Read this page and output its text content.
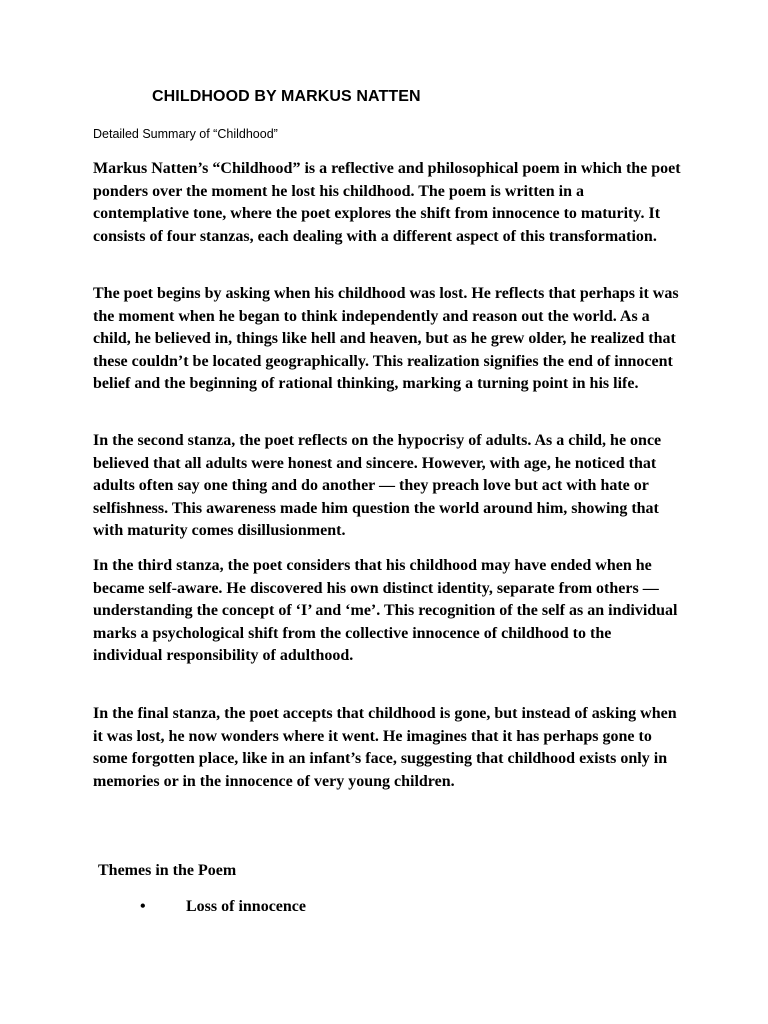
CHILDHOOD BY MARKUS NATTEN
Detailed Summary of “Childhood”

Markus Natten’s “Childhood” is a reflective and philosophical poem in which the poet ponders over the moment he lost his childhood. The poem is written in a contemplative tone, where the poet explores the shift from innocence to maturity. It consists of four stanzas, each dealing with a different aspect of this transformation.

The poet begins by asking when his childhood was lost. He reflects that perhaps it was the moment when he began to think independently and reason out the world. As a child, he believed in, things like hell and heaven, but as he grew older, he realized that these couldn’t be located geographically. This realization signifies the end of innocent belief and the beginning of rational thinking, marking a turning point in his life.

In the second stanza, the poet reflects on the hypocrisy of adults. As a child, he once believed that all adults were honest and sincere. However, with age, he noticed that adults often say one thing and do another — they preach love but act with hate or selfishness. This awareness made him question the world around him, showing that with maturity comes disillusionment.

In the third stanza, the poet considers that his childhood may have ended when he became self-aware. He discovered his own distinct identity, separate from others — understanding the concept of ‘I’ and ‘me’. This recognition of the self as an individual marks a psychological shift from the collective innocence of childhood to the individual responsibility of adulthood.

In the final stanza, the poet accepts that childhood is gone, but instead of asking when it was lost, he now wonders where it went. He imagines that it has perhaps gone to some forgotten place, like in an infant’s face, suggesting that childhood exists only in memories or in the innocence of very young children.

Themes in the Poem
•	Loss of innocence
